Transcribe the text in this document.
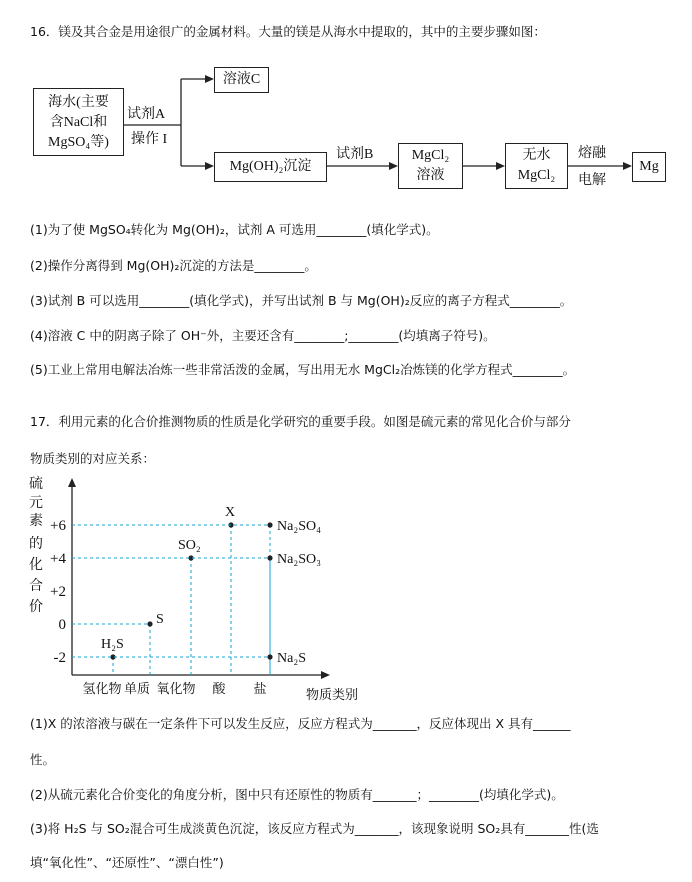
16．镁及其合金是用途很广的金属材料。大量的镁是从海水中提取的，其中的主要步骤如图：
海水(主要
含NaCl和
MgSO₄等)
试剂A
操作 I
溶液C
Mg(OH)₂沉淀
试剂B	MgCl₂
溶液
无水
MgCl₂
熔融
电解
Mg
(1)为了使 MgSO₄转化为 Mg(OH)₂，试剂 A 可选用________(填化学式)。
(2)操作分离得到 Mg(OH)₂沉淀的方法是________。
(3)试剂 B 可以选用________(填化学式)，并写出试剂 B 与 Mg(OH)₂反应的离子方程式________。
(4)溶液 C 中的阴离子除了 OH⁻外，主要还含有________;________(均填离子符号)。
(5)工业上常用电解法冶炼一些非常活泼的金属，写出用无水 MgCl₂冶炼镁的化学方程式________。
17．利用元素的化合价推测物质的性质是化学研究的重要手段。如图是硫元素的常见化合价与部分
物质类别的对应关系：
硫
元
素
的
化
合
价
+6
+4
+2
0
-2
氢化物 单质 氧化物 酸 盐	物质类别
H₂S
S
SO₂
X
Na₂SO₄
Na₂SO₃
Na₂S
(1)X 的浓溶液与碳在一定条件下可以发生反应，反应方程式为_______，反应体现出 X 具有______
性。
(2)从硫元素化合价变化的角度分析，图中只有还原性的物质有_______；________(均填化学式)。
(3)将 H₂S 与 SO₂混合可生成淡黄色沉淀，该反应方程式为_______，该现象说明 SO₂具有_______性(选
填“氧化性”、“还原性”、“漂白性”)
